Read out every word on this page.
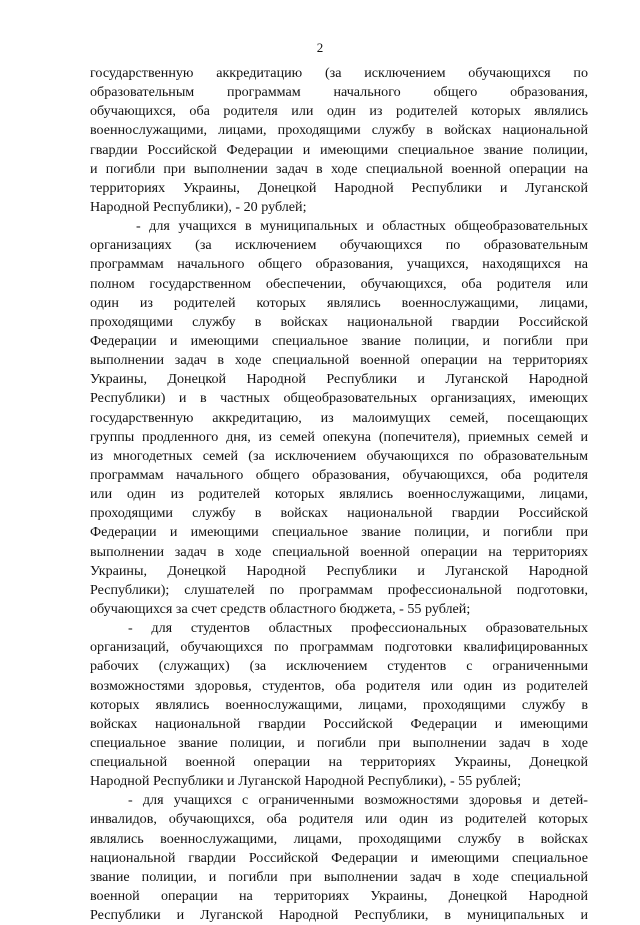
2
государственную аккредитацию (за исключением обучающихся по
образовательным программам начального общего образования,
обучающихся, оба родителя или один из родителей которых являлись
военнослужащими, лицами, проходящими службу в войсках национальной
гвардии Российской Федерации и имеющими специальное звание полиции,
и погибли при выполнении задач в ходе специальной военной операции на
территориях Украины, Донецкой Народной Республики и Луганской
Народной Республики), - 20 рублей;
- для учащихся в муниципальных и областных общеобразовательных
организациях (за исключением обучающихся по образовательным
программам начального общего образования, учащихся, находящихся на
полном государственном обеспечении, обучающихся, оба родителя или
один из родителей которых являлись военнослужащими, лицами,
проходящими службу в войсках национальной гвардии Российской
Федерации и имеющими специальное звание полиции, и погибли при
выполнении задач в ходе специальной военной операции на территориях
Украины, Донецкой Народной Республики и Луганской Народной
Республики) и в частных общеобразовательных организациях, имеющих
государственную аккредитацию, из малоимущих семей, посещающих
группы продленного дня, из семей опекуна (попечителя), приемных семей и
из многодетных семей (за исключением обучающихся по образовательным
программам начального общего образования, обучающихся, оба родителя
или один из родителей которых являлись военнослужащими, лицами,
проходящими службу в войсках национальной гвардии Российской
Федерации и имеющими специальное звание полиции, и погибли при
выполнении задач в ходе специальной военной операции на территориях
Украины, Донецкой Народной Республики и Луганской Народной
Республики); слушателей по программам профессиональной подготовки,
обучающихся за счет средств областного бюджета, - 55 рублей;
- для студентов областных профессиональных образовательных
организаций, обучающихся по программам подготовки квалифицированных
рабочих (служащих) (за исключением студентов с ограниченными
возможностями здоровья, студентов, оба родителя или один из родителей
которых являлись военнослужащими, лицами, проходящими службу в
войсках национальной гвардии Российской Федерации и имеющими
специальное звание полиции, и погибли при выполнении задач в ходе
специальной военной операции на территориях Украины, Донецкой
Народной Республики и Луганской Народной Республики), - 55 рублей;
- для учащихся с ограниченными возможностями здоровья и детей-
инвалидов, обучающихся, оба родителя или один из родителей которых
являлись военнослужащими, лицами, проходящими службу в войсках
национальной гвардии Российской Федерации и имеющими специальное
звание полиции, и погибли при выполнении задач в ходе специальной
военной операции на территориях Украины, Донецкой Народной
Республики и Луганской Народной Республики, в муниципальных и
